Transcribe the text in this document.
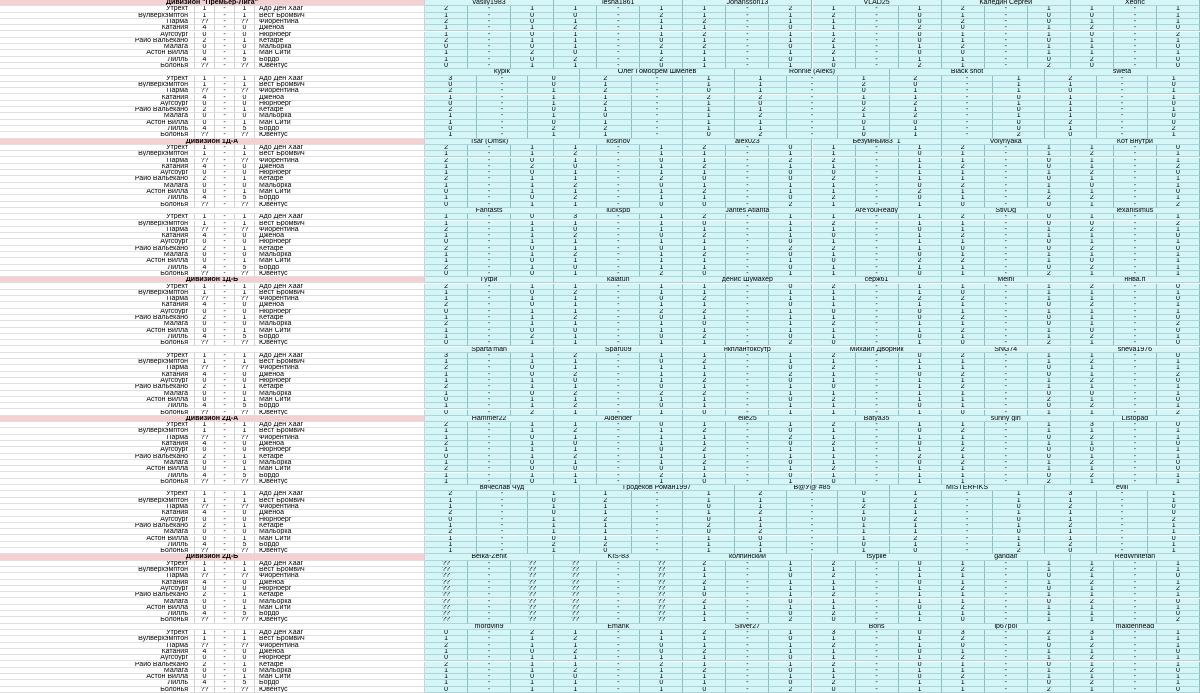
Дивизион "Премьер-Лига"	vasily1983	lesha1861	Johansson13	VLAD25	Каледин Сергей	Xeonc
Утрехт	1	-	1	Адо Ден Хааг	2	-	1	1	-	1	1	-	2	1	-	1	2	-	1	1	-	1
Вулверхэмптон	1	-	1	Вест Бромвич	1	-	0	0	-	2	1	-	1	2	-	0	1	-	0	0	-	1
Парма	??	-	??	Фиорентина	2	-	0	1	-	1	2	-	1	1	-	0	2	-	0	1	-	1
Катания	4	-	0	Дженоа	1	-	1	2	-	1	1	-	0	1	-	2	0	-	1	2	-	0
Аугсбург	0	-	0	Нюрнберг	1	-	0	1	-	1	2	-	1	1	-	0	1	-	1	0	-	2
Райо Вальекано	2	-	1	Кетафе	2	-	1	1	-	0	1	-	1	2	-	0	1	-	0	1	-	1
Малага	0	-	0	Мальорка	0	-	0	1	-	2	2	-	0	1	-	1	2	-	1	1	-	0
Астон Вилла	0	-	1	Ман Сити	1	-	2	0	-	1	1	-	1	2	-	0	0	-	1	1	-	1
Лилль	4	-	5	Бордо	1	-	0	2	-	2	1	-	0	1	-	1	1	-	0	2	-	0
Болонья	??	-	??	Ювентус	0	-	1	1	-	0	1	-	1	0	-	2	1	-	2	0	-	0
kypik	Олег Гомосрем Шмелев	Ronnie (Aleks)	Black shot	sweta
Утрехт	1	-	1	Адо Ден Хааг	3	-	0	2	-	1	1	-	1	2	-	1	2	-	1
Вулверхэмптон	1	-	1	Вест Бромвич	0	-	0	1	-	1	1	-	2	0	-	1	1	-	0
Парма	??	-	??	Фиорентина	2	-	1	2	-	0	1	-	0	1	-	1	0	-	1
Катания	4	-	0	Дженоа	1	-	1	1	-	2	2	-	1	1	-	0	1	-	1
Аугсбург	0	-	0	Нюрнберг	0	-	1	2	-	1	0	-	0	2	-	1	1	-	0
Райо Вальекано	2	-	1	Кетафе	2	-	0	1	-	1	1	-	2	1	-	0	1	-	1
Малага	0	-	0	Мальорка	1	-	1	0	-	1	2	-	1	2	-	1	1	-	0
Астон Вилла	0	-	1	Ман Сити	1	-	0	1	-	1	1	-	0	0	-	0	2	-	0
Лилль	4	-	5	Бордо	0	-	2	2	-	1	1	-	1	1	-	0	1	-	2
Болонья	??	-	??	Ювентус	1	-	1	1	-	0	2	-	0	1	-	2	0	-	1
Дивизион 1Д-А	Tsar (Omsk)	kosinov	alex023	Безумный83_1	Volynyaka	Кот Внутри
Утрехт	1	-	1	Адо Ден Хааг	2	-	1	1	-	1	2	-	0	1	-	1	2	-	1	1	-	0
Вулверхэмптон	1	-	1	Вест Бромвич	1	-	1	2	-	1	1	-	1	1	-	0	1	-	1	2	-	1
Парма	??	-	??	Фиорентина	2	-	0	1	-	0	1	-	2	2	-	1	1	-	0	1	-	1
Катания	4	-	0	Дженоа	1	-	2	0	-	1	2	-	1	1	-	1	2	-	0	1	-	2
Аугсбург	0	-	0	Нюрнберг	1	-	0	1	-	1	1	-	0	0	-	1	1	-	1	2	-	0
Райо Вальекано	2	-	1	Кетафе	2	-	1	1	-	2	0	-	0	2	-	1	1	-	0	1	-	1
Малага	0	-	0	Мальорка	1	-	1	2	-	0	1	-	1	1	-	0	2	-	1	0	-	1
Астон Вилла	0	-	1	Ман Сити	0	-	1	1	-	1	2	-	1	1	-	2	1	-	1	1	-	0
Лилль	4	-	5	Бордо	1	-	0	2	-	1	1	-	0	2	-	0	1	-	2	2	-	1
Болонья	??	-	??	Ювентус	0	-	1	1	-	0	0	-	2	1	-	1	0	-	0	1	-	2
Fantasts	luckspb	Jantes Atlanta	AreYouReady	StivDg	lexanisimus
Утрехт	1	-	1	Адо Ден Хааг	1	-	0	3	-	1	2	-	1	1	-	1	2	-	0	1	-	1
Вулверхэмптон	1	-	1	Вест Бромвич	1	-	1	1	-	1	0	-	1	2	-	1	1	-	0	0	-	2
Парма	??	-	??	Фиорентина	2	-	1	0	-	1	1	-	1	1	-	0	1	-	1	2	-	1
Катания	4	-	0	Дженоа	1	-	1	2	-	0	2	-	1	0	-	1	2	-	1	1	-	0
Аугсбург	0	-	0	Нюрнберг	0	-	1	1	-	1	1	-	0	1	-	1	1	-	0	1	-	1
Райо Вальекано	2	-	1	Кетафе	2	-	0	1	-	0	1	-	2	2	-	1	0	-	0	2	-	0
Малага	0	-	0	Мальорка	1	-	1	2	-	1	2	-	0	1	-	0	1	-	1	1	-	1
Астон Вилла	0	-	1	Ман Сити	1	-	0	1	-	1	1	-	1	0	-	2	2	-	1	0	-	1
Лилль	4	-	5	Бордо	2	-	1	0	-	1	1	-	0	1	-	1	1	-	0	2	-	1
Болонья	??	-	??	Ювентус	0	-	0	1	-	2	0	-	1	1	-	0	1	-	2	1	-	1
Дивизион 1Д-Б	Гуфи	kalatun	денис Шумахер	серж61	Melhi	ннва.п
Утрехт	1	-	1	Адо Ден Хааг	2	-	1	1	-	1	1	-	0	2	-	1	1	-	1	2	-	0
Вулверхэмптон	1	-	1	Вест Бромвич	1	-	0	2	-	1	1	-	1	1	-	1	0	-	1	1	-	1
Парма	??	-	??	Фиорентина	1	-	1	1	-	0	2	-	1	1	-	2	2	-	1	1	-	0
Катания	4	-	0	Дженоа	2	-	0	1	-	1	1	-	0	1	-	1	1	-	0	2	-	1
Аугсбург	0	-	0	Нюрнберг	0	-	1	1	-	2	2	-	1	0	-	0	1	-	1	1	-	1
Райо Вальекано	2	-	1	Кетафе	1	-	1	2	-	0	1	-	1	1	-	0	2	-	0	1	-	0
Малага	0	-	0	Мальорка	2	-	1	1	-	1	0	-	1	2	-	1	1	-	0	1	-	2
Астон Вилла	0	-	1	Ман Сити	1	-	0	0	-	1	1	-	1	1	-	1	2	-	1	0	-	0
Лилль	4	-	5	Бордо	1	-	2	1	-	0	2	-	0	1	-	0	1	-	1	2	-	1
Болонья	??	-	??	Ювентус	0	-	1	1	-	1	1	-	2	0	-	1	0	-	2	1	-	0
Sparta'man	Sparu09	нкплантоксутр	Михаил Дворник	SNG74	sheva1976
Утрехт	1	-	1	Адо Ден Хааг	3	-	1	2	-	1	1	-	1	2	-	0	2	-	1	1	-	0
Вулверхэмптон	1	-	1	Вест Бромвич	1	-	1	1	-	0	2	-	1	1	-	1	1	-	1	2	-	1
Парма	??	-	??	Фиорентина	2	-	0	1	-	1	1	-	0	2	-	1	1	-	0	1	-	1
Катания	4	-	0	Дженоа	1	-	0	2	-	1	1	-	2	1	-	0	2	-	0	1	-	2
Аугсбург	0	-	0	Нюрнберг	1	-	1	0	-	1	2	-	0	1	-	1	1	-	1	2	-	0
Райо Вальекано	2	-	1	Кетафе	2	-	1	1	-	0	1	-	1	0	-	1	2	-	1	1	-	1
Малага	0	-	0	Мальорка	1	-	0	2	-	2	2	-	1	1	-	1	1	-	0	0	-	1
Астон Вилла	0	-	1	Ман Сити	0	-	1	1	-	1	1	-	0	2	-	1	1	-	2	1	-	0
Лилль	4	-	5	Бордо	1	-	1	2	-	0	1	-	1	1	-	0	1	-	0	2	-	1
Болонья	??	-	??	Ювентус	0	-	2	1	-	1	0	-	1	1	-	1	0	-	1	1	-	2
Дивизион 2Д-А	Hammer22	Aldender	elle25	Batya35	sunny girl	Listopad
Утрехт	1	-	1	Адо Ден Хааг	2	-	1	1	-	0	1	-	1	2	-	1	1	-	1	3	-	0
Вулверхэмптон	1	-	1	Вест Бромвич	1	-	1	2	-	1	2	-	0	1	-	0	2	-	1	1	-	1
Парма	??	-	??	Фиорентина	1	-	0	1	-	1	1	-	2	1	-	1	1	-	0	2	-	1
Катания	4	-	0	Дженоа	2	-	1	0	-	1	1	-	0	2	-	0	1	-	1	1	-	0
Аугсбург	0	-	0	Нюрнберг	1	-	1	1	-	0	2	-	1	1	-	1	2	-	0	0	-	1
Райо Вальекано	2	-	1	Кетафе	0	-	1	2	-	1	1	-	1	1	-	2	1	-	0	1	-	1
Малага	0	-	0	Мальорка	1	-	0	1	-	1	2	-	0	1	-	0	2	-	1	2	-	0
Астон Вилла	0	-	1	Ман Сити	2	-	0	0	-	0	1	-	1	2	-	1	1	-	1	1	-	0
Лилль	4	-	5	Бордо	1	-	1	1	-	2	1	-	0	1	-	1	1	-	0	2	-	1
Болонья	??	-	??	Ювентус	1	-	0	1	-	1	0	-	1	0	-	1	1	-	2	1	-	1
вячеслав Чуд	Гродеков Роман1997	В@У@ #85	MISTERFIKS	evill
Утрехт	1	-	1	Адо Ден Хааг	2	-	1	1	-	1	2	-	0	1	-	1	3	-	1
Вулверхэмптон	1	-	1	Вест Бромвич	1	-	0	2	-	1	1	-	1	2	-	1	1	-	1
Парма	??	-	??	Фиорентина	1	-	1	1	-	0	1	-	2	1	-	0	2	-	0
Катания	4	-	0	Дженоа	2	-	0	1	-	1	2	-	1	1	-	1	1	-	0
Аугсбург	0	-	0	Нюрнберг	0	-	1	2	-	0	1	-	0	2	-	0	1	-	2
Райо Вальекано	2	-	1	Кетафе	1	-	1	1	-	2	1	-	1	1	-	1	2	-	1
Малага	0	-	0	Мальорка	2	-	1	1	-	0	2	-	1	1	-	0	1	-	1
Астон Вилла	0	-	1	Ман Сити	1	-	0	1	-	1	0	-	1	2	-	1	1	-	0
Лилль	4	-	5	Бордо	1	-	2	2	-	1	1	-	0	1	-	1	2	-	1
Болонья	??	-	??	Ювентус	1	-	1	0	-	1	1	-	1	0	-	2	0	-	1
Дивизион 2Д-Б	Belka-Zenit	KIS-83	колпинский	tsypile	gandalf	RedWhitefan
Утрехт	1	-	1	Адо Ден Хааг	??	-	??	??	-	??	2	-	1	2	-	0	1	-	1	1	-	1
Вулверхэмптон	1	-	1	Вест Бромвич	??	-	??	??	-	??	1	-	1	1	-	1	2	-	1	2	-	1
Парма	??	-	??	Фиорентина	??	-	??	??	-	??	1	-	0	2	-	1	1	-	0	1	-	0
Катания	4	-	0	Дженоа	??	-	??	??	-	??	2	-	1	1	-	0	1	-	1	2	-	1
Аугсбург	0	-	0	Нюрнберг	??	-	??	??	-	??	1	-	1	1	-	1	2	-	0	1	-	2
Райо Вальекано	2	-	1	Кетафе	??	-	??	??	-	??	0	-	1	2	-	1	1	-	1	1	-	1
Малага	0	-	0	Мальорка	??	-	??	??	-	??	2	-	0	1	-	1	1	-	0	2	-	0
Астон Вилла	0	-	1	Ман Сити	??	-	??	??	-	??	1	-	1	1	-	0	2	-	1	1	-	1
Лилль	4	-	5	Бордо	??	-	??	??	-	??	1	-	0	2	-	1	1	-	1	1	-	0
Болонья	??	-	??	Ювентус	??	-	??	??	-	??	1	-	2	0	-	1	0	-	1	1	-	2
mordvin9	Emank	Silver27	Bons	ip67pol	maidenhead
Утрехт	1	-	1	Адо Ден Хааг	0	-	2	1	-	1	2	-	1	3	-	0	3	-	2	3	-	1
Вулверхэмптон	1	-	1	Вест Бромвич	1	-	1	2	-	1	1	-	0	1	-	1	2	-	1	1	-	1
Парма	??	-	??	Фиорентина	2	-	1	1	-	0	1	-	1	2	-	1	0	-	0	2	-	1
Катания	4	-	0	Дженоа	1	-	0	2	-	0	2	-	1	1	-	0	1	-	1	1	-	0
Аугсбург	0	-	0	Нюрнберг	0	-	1	1	-	1	1	-	0	1	-	1	2	-	1	2	-	1
Райо Вальекано	2	-	1	Кетафе	2	-	1	1	-	2	1	-	1	2	-	0	1	-	0	1	-	1
Малага	0	-	0	Мальорка	1	-	1	2	-	1	2	-	0	1	-	1	1	-	1	2	-	0
Астон Вилла	0	-	1	Ман Сити	1	-	0	0	-	1	1	-	1	1	-	0	2	-	1	1	-	1
Лилль	4	-	5	Бордо	1	-	1	1	-	0	1	-	0	2	-	1	1	-	0	2	-	1
Болонья	??	-	??	Ювентус	0	-	1	1	-	1	0	-	2	0	-	1	1	-	2	1	-	0
